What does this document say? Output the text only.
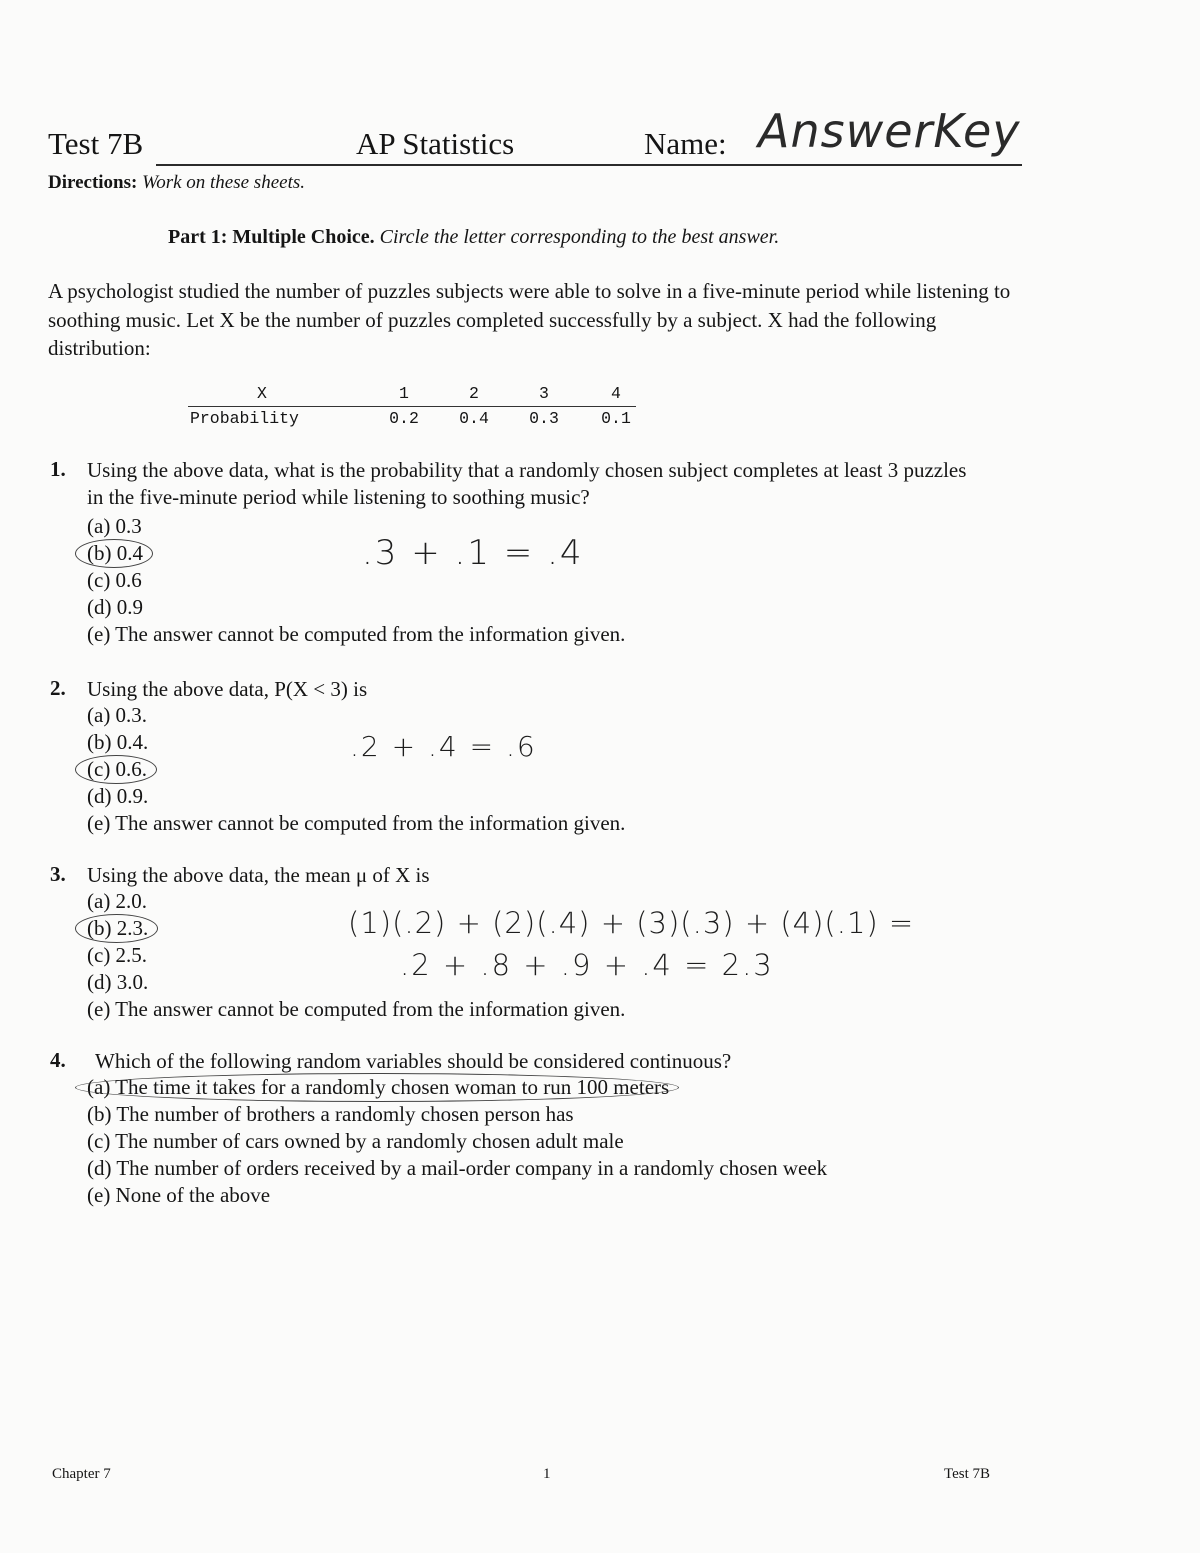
Test 7B	AP Statistics	Name: AnswerKey
Directions: Work on these sheets.
Part 1: Multiple Choice. Circle the letter corresponding to the best answer.
A psychologist studied the number of puzzles subjects were able to solve in a five-minute period while listening to soothing music. Let X be the number of puzzles completed successfully by a subject. X had the following distribution:
X	1	2	3	4
Probability	0.2	0.4	0.3	0.1
1. Using the above data, what is the probability that a randomly chosen subject completes at least 3 puzzles in the five-minute period while listening to soothing music?
(a) 0.3
(b) 0.4
(c) 0.6
(d) 0.9
(e) The answer cannot be computed from the information given.
.3 + .1 = .4
2. Using the above data, P(X < 3) is
(a) 0.3.
(b) 0.4.
(c) 0.6.
(d) 0.9.
(e) The answer cannot be computed from the information given.
.2 + .4 = .6
3. Using the above data, the mean μ of X is
(a) 2.0.
(b) 2.3.
(c) 2.5.
(d) 3.0.
(e) The answer cannot be computed from the information given.
(1)(.2) + (2)(.4) + (3)(.3) + (4)(.1) =
.2 + .8 + .9 + .4 = 2.3
4. Which of the following random variables should be considered continuous?
(a) The time it takes for a randomly chosen woman to run 100 meters
(b) The number of brothers a randomly chosen person has
(c) The number of cars owned by a randomly chosen adult male
(d) The number of orders received by a mail-order company in a randomly chosen week
(e) None of the above
Chapter 7	1	Test 7B
